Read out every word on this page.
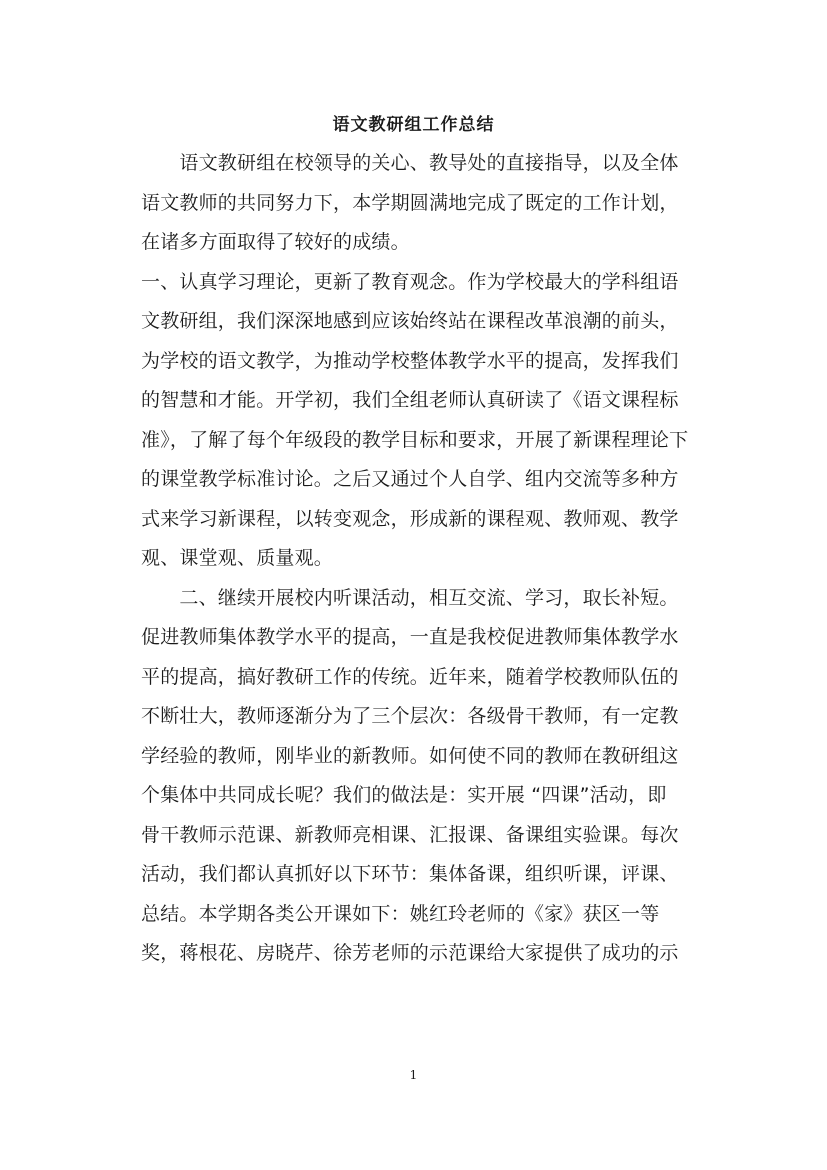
语文教研组工作总结
　　语文教研组在校领导的关心、教导处的直接指导，以及全体
语文教师的共同努力下，本学期圆满地完成了既定的工作计划，
在诸多方面取得了较好的成绩。
一、认真学习理论，更新了教育观念。作为学校最大的学科组语
文教研组，我们深深地感到应该始终站在课程改革浪潮的前头，
为学校的语文教学，为推动学校整体教学水平的提高，发挥我们
的智慧和才能。开学初，我们全组老师认真研读了《语文课程标
准》，了解了每个年级段的教学目标和要求，开展了新课程理论下
的课堂教学标准讨论。之后又通过个人自学、组内交流等多种方
式来学习新课程，以转变观念，形成新的课程观、教师观、教学
观、课堂观、质量观。
　　二、继续开展校内听课活动，相互交流、学习，取长补短。
促进教师集体教学水平的提高，一直是我校促进教师集体教学水
平的提高，搞好教研工作的传统。近年来，随着学校教师队伍的
不断壮大，教师逐渐分为了三个层次：各级骨干教师，有一定教
学经验的教师，刚毕业的新教师。如何使不同的教师在教研组这
个集体中共同成长呢？我们的做法是：实开展 “四课”活动，即
骨干教师示范课、新教师亮相课、汇报课、备课组实验课。每次
活动，我们都认真抓好以下环节：集体备课，组织听课，评课、
总结。本学期各类公开课如下：姚红玲老师的《家》获区一等
奖，蒋根花、房晓芹、徐芳老师的示范课给大家提供了成功的示
1
